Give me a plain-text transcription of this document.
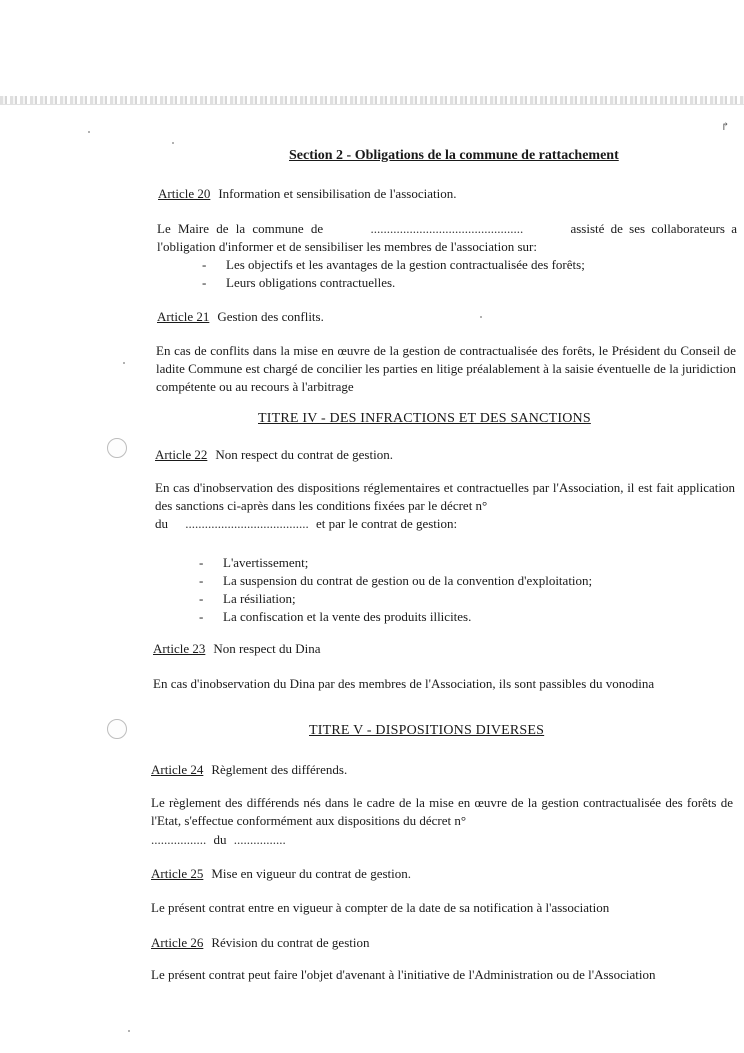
↱
Section 2 - Obligations de la commune de rattachement
Article 20 Information et sensibilisation de l'association.
Le Maire de la commune de	...............................................	assisté de ses collaborateurs a
l'obligation d'informer et de sensibiliser les membres de l'association sur:
- Les objectifs et les avantages de la gestion contractualisée des forêts;
- Leurs obligations contractuelles.
Article 21 Gestion des conflits.
En cas de conflits dans la mise en œuvre de la gestion de contractualisée des forêts, le Président du Conseil de ladite Commune est chargé de concilier les parties en litige préalablement à la saisie éventuelle de la juridiction compétente ou au recours à l'arbitrage
TITRE IV - DES INFRACTIONS ET DES SANCTIONS
Article 22 Non respect du contrat de gestion.
En cas d'inobservation des dispositions réglementaires et contractuelles par l'Association, il est fait application des sanctions ci-après dans les conditions fixées par le décret n°
du ...................................... et par le contrat de gestion:
- L'avertissement;
- La suspension du contrat de gestion ou de la convention d'exploitation;
- La résiliation;
- La confiscation et la vente des produits illicites.
Article 23 Non respect du Dina
En cas d'inobservation du Dina par des membres de l'Association, ils sont passibles du vonodina
TITRE V - DISPOSITIONS DIVERSES
Article 24 Règlement des différends.
Le règlement des différends nés dans le cadre de la mise en œuvre de la gestion contractualisée des forêts de l'Etat, s'effectue conformément aux dispositions du décret n°
................. du ................
Article 25 Mise en vigueur du contrat de gestion.
Le présent contrat entre en vigueur à compter de la date de sa notification à l'association
Article 26 Révision du contrat de gestion
Le présent contrat peut faire l'objet d'avenant à l'initiative de l'Administration ou de l'Association
